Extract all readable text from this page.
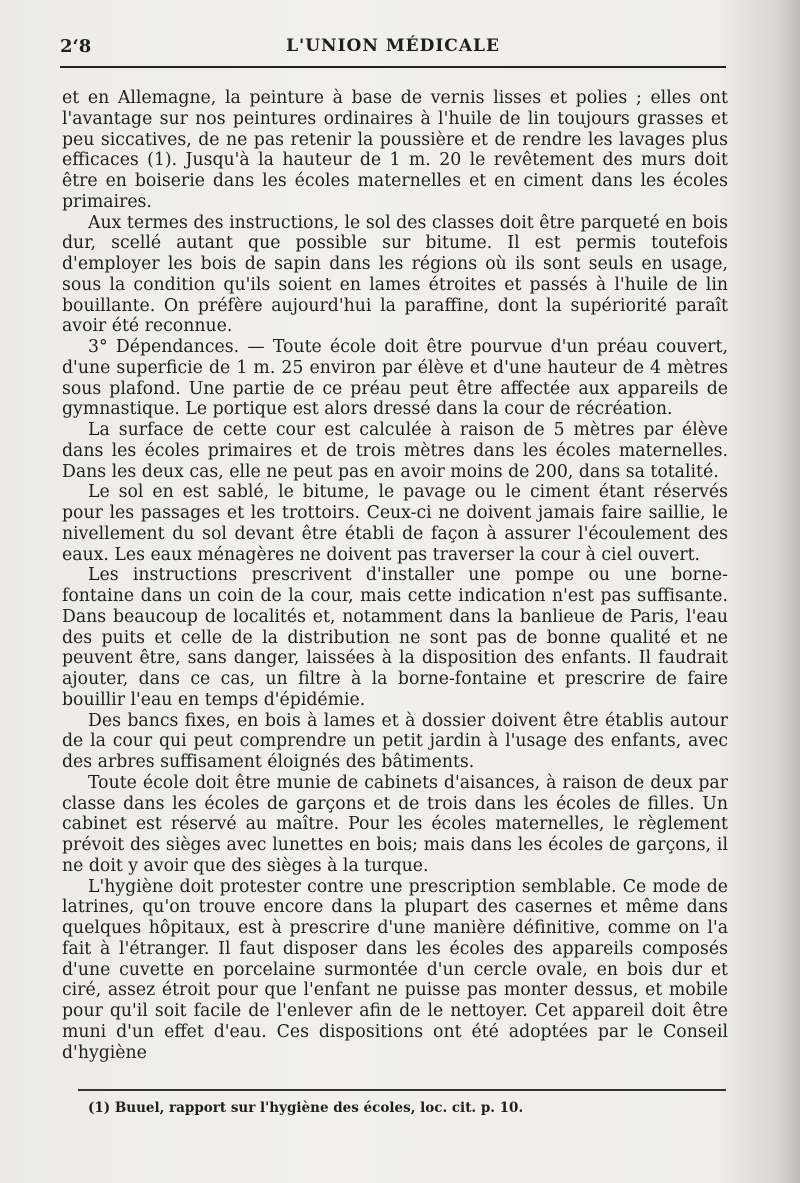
2‘8	L'UNION MÉDICALE

et en Allemagne, la peinture à base de vernis lisses et polies ; elles ont l'avantage sur nos peintures ordinaires à l'huile de lin toujours grasses et peu siccatives, de ne pas retenir la poussière et de rendre les lavages plus efficaces (1). Jusqu'à la hauteur de 1 m. 20 le revêtement des murs doit être en boiserie dans les écoles maternelles et en ciment dans les écoles primaires.

Aux termes des instructions, le sol des classes doit être parqueté en bois dur, scellé autant que possible sur bitume. Il est permis toutefois d'employer les bois de sapin dans les régions où ils sont seuls en usage, sous la condition qu'ils soient en lames étroites et passés à l'huile de lin bouillante. On préfère aujourd'hui la paraffine, dont la supériorité paraît avoir été reconnue.

3° Dépendances. — Toute école doit être pourvue d'un préau couvert, d'une superficie de 1 m. 25 environ par élève et d'une hauteur de 4 mètres sous plafond. Une partie de ce préau peut être affectée aux appareils de gymnastique. Le portique est alors dressé dans la cour de récréation.

La surface de cette cour est calculée à raison de 5 mètres par élève dans les écoles primaires et de trois mètres dans les écoles maternelles. Dans les deux cas, elle ne peut pas en avoir moins de 200, dans sa totalité.

Le sol en est sablé, le bitume, le pavage ou le ciment étant réservés pour les passages et les trottoirs. Ceux-ci ne doivent jamais faire saillie, le nivellement du sol devant être établi de façon à assurer l'écoulement des eaux. Les eaux ménagères ne doivent pas traverser la cour à ciel ouvert.

Les instructions prescrivent d'installer une pompe ou une borne-fontaine dans un coin de la cour, mais cette indication n'est pas suffisante. Dans beaucoup de localités et, notamment dans la banlieue de Paris, l'eau des puits et celle de la distribution ne sont pas de bonne qualité et ne peuvent être, sans danger, laissées à la disposition des enfants. Il faudrait ajouter, dans ce cas, un filtre à la borne-fontaine et prescrire de faire bouillir l'eau en temps d'épidémie.

Des bancs fixes, en bois à lames et à dossier doivent être établis autour de la cour qui peut comprendre un petit jardin à l'usage des enfants, avec des arbres suffisament éloignés des bâtiments.

Toute école doit être munie de cabinets d'aisances, à raison de deux par classe dans les écoles de garçons et de trois dans les écoles de filles. Un cabinet est réservé au maître. Pour les écoles maternelles, le règlement prévoit des sièges avec lunettes en bois; mais dans les écoles de garçons, il ne doit y avoir que des sièges à la turque.

L'hygiène doit protester contre une prescription semblable. Ce mode de latrines, qu'on trouve encore dans la plupart des casernes et même dans quelques hôpitaux, est à prescrire d'une manière définitive, comme on l'a fait à l'étranger. Il faut disposer dans les écoles des appareils composés d'une cuvette en porcelaine surmontée d'un cercle ovale, en bois dur et ciré, assez étroit pour que l'enfant ne puisse pas monter dessus, et mobile pour qu'il soit facile de l'enlever afin de le nettoyer. Cet appareil doit être muni d'un effet d'eau. Ces dispositions ont été adoptées par le Conseil d'hygiène

(1) Buuel, rapport sur l'hygiène des écoles, loc. cit. p. 10.
